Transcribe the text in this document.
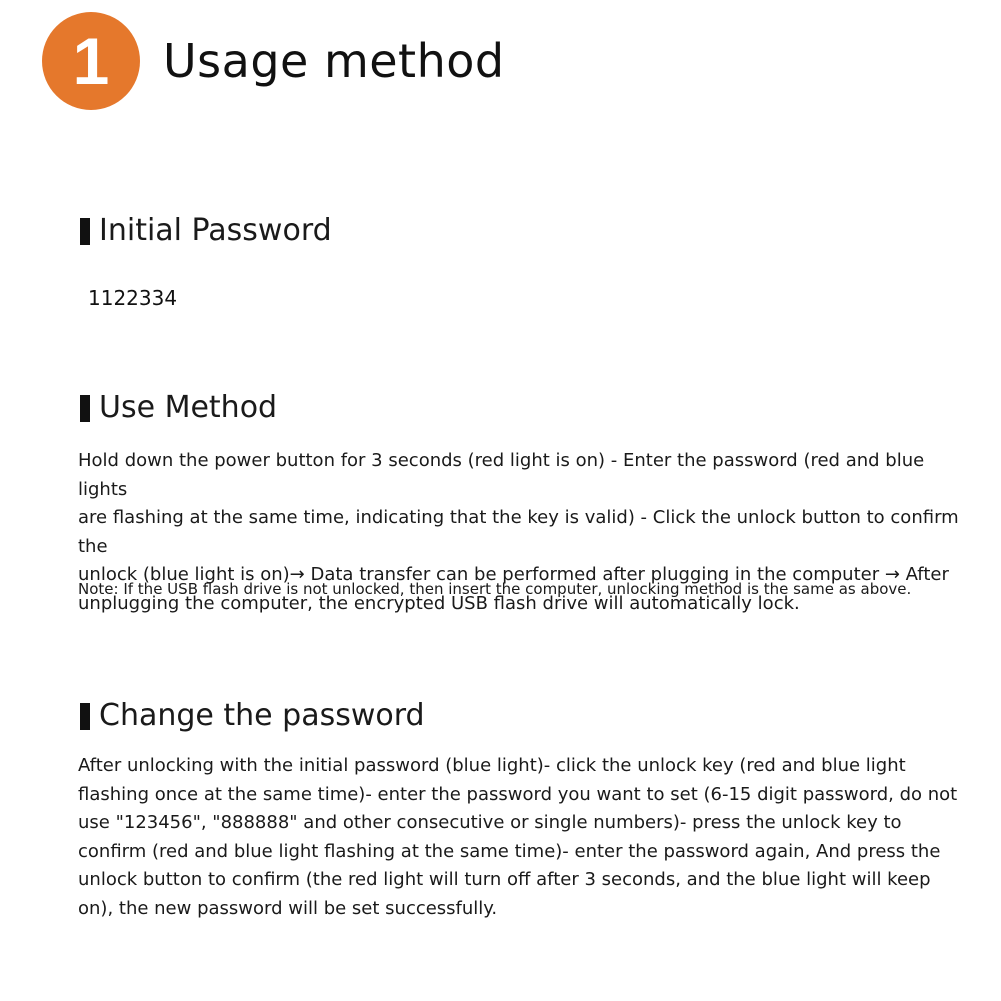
1	Usage method
Initial Password
1122334
Use Method
Hold down the power button for 3 seconds (red light is on) - Enter the password (red and blue lights
are flashing at the same time, indicating that the key is valid) - Click the unlock button to confirm the
unlock (blue light is on)→ Data transfer can be performed after plugging in the computer → After
unplugging the computer, the encrypted USB flash drive will automatically lock.
Note: If the USB flash drive is not unlocked, then insert the computer, unlocking method is the same as above.
Change the password
After unlocking with the initial password (blue light)- click the unlock key (red and blue light
flashing once at the same time)- enter the password you want to set (6-15 digit password, do not
use "123456", "888888" and other consecutive or single numbers)- press the unlock key to
confirm (red and blue light flashing at the same time)- enter the password again, And press the
unlock button to confirm (the red light will turn off after 3 seconds, and the blue light will keep
on), the new password will be set successfully.
